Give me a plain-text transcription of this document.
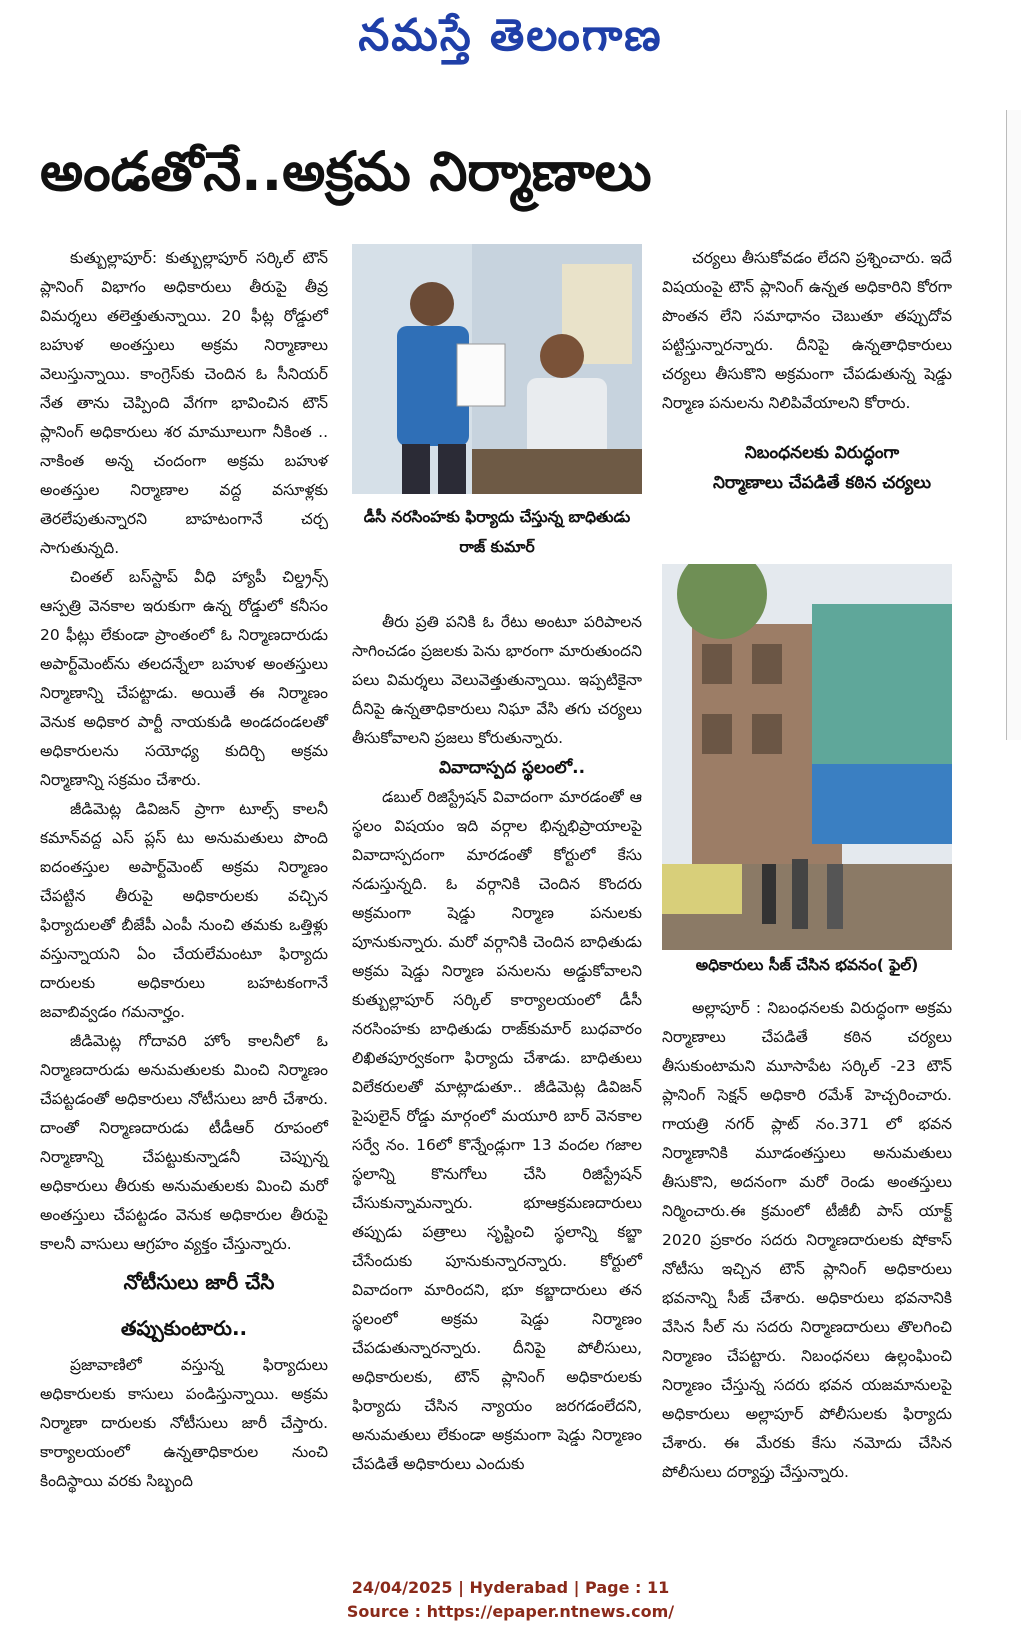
నమస్తే తెలంగాణ
అండతోనే..అక్రమ నిర్మాణాలు

కుత్బుల్లాపూర్‌: కుత్బుల్లాపూర్‌ సర్కిల్‌ టౌన్‌ ప్లానింగ్‌ విభాగం అధికారులు తీరుపై తీవ్ర విమర్శలు తలెత్తుతున్నాయి. 20 ఫీట్ల రోడ్డులో బహుళ అంతస్తులు అక్రమ నిర్మాణాలు వెలుస్తున్నాయి. కాంగ్రెస్‌కు చెందిన ఓ సీనియర్‌ నేత తాను చెప్పింది వేగగా భావించిన టౌన్‌ ప్లానింగ్‌ అధికారులు శర మామూలుగా నీకింత .. నాకింత అన్న చందంగా అక్రమ బహుళ అంతస్తుల నిర్మాణాల వద్ద వసూళ్లకు తెరలేపుతున్నారని బాహటంగానే చర్చ సాగుతున్నది.

చింతల్‌ బస్‌స్టాప్‌ వీధి హ్యాపీ చిల్డ్రన్స్‌ ఆస్పత్రి వెనకాల ఇరుకుగా ఉన్న రోడ్డులో కనీసం 20 ఫీట్లు లేకుండా ప్రాంతంలో ఓ నిర్మాణదారుడు అపార్ట్‌మెంట్‌ను తలదన్నేలా బహుళ అంతస్తులు నిర్మాణాన్ని చేపట్టాడు. అయితే ఈ నిర్మాణం వెనుక అధికార పార్టీ నాయకుడి అండదండలతో అధికారులను సయోధ్య కుదిర్చి అక్రమ నిర్మాణాన్ని సక్రమం చేశారు.

జీడిమెట్ల డివిజన్‌ ప్రాగా టూల్స్‌ కాలనీ కమాన్‌వద్ద ఎస్‌ ప్లస్‌ టు అనుమతులు పొంది ఐదంతస్తుల అపార్ట్‌మెంట్‌ అక్రమ నిర్మాణం చేపట్టిన తీరుపై అధికారులకు వచ్చిన ఫిర్యాదులతో బీజేపీ ఎంపీ నుంచి తమకు ఒత్తిళ్లు వస్తున్నాయని ఏం చేయలేమంటూ ఫిర్యాదు దారులకు అధికారులు బహటకంగానే జవాబివ్వడం గమనార్హం.

జీడిమెట్ల గోదావరి హోం కాలనీలో ఓ నిర్మాణదారుడు అనుమతులకు మించి నిర్మాణం చేపట్టడంతో అధికారులు నోటీసులు జారీ చేశారు. దాంతో నిర్మాణదారుడు టీడీఆర్‌ రూపంలో నిర్మాణాన్ని చేపట్టుకున్నాడనీ చెప్పున్న అధికారులు తీరుకు అనుమతులకు మించి మరో అంతస్తులు చేపట్టడం వెనుక అధికారుల తీరుపై కాలనీ వాసులు ఆగ్రహం వ్యక్తం చేస్తున్నారు.

నోటీసులు జారీ చేసి తప్పుకుంటారు..

ప్రజావాణిలో వస్తున్న ఫిర్యాదులు అధికారులకు కాసులు పండిస్తున్నాయి. అక్రమ నిర్మాణా దారులకు నోటీసులు జారీ చేస్తారు. కార్యాలయంలో ఉన్నతాధికారుల నుంచి కిందిస్థాయి వరకు సిబ్బంది

డీసీ నరసింహకు ఫిర్యాదు చేస్తున్న బాధితుడు రాజ్‌ కుమార్‌

తీరు ప్రతి పనికి ఓ రేటు అంటూ పరిపాలన సాగించడం ప్రజలకు పెను భారంగా మారుతుందని పలు విమర్శలు వెలువెత్తుతున్నాయి. ఇప్పటికైనా దీనిపై ఉన్నతాధికారులు నిఘా వేసి తగు చర్యలు తీసుకోవాలని ప్రజలు కోరుతున్నారు.

వివాదాస్పద స్థలంలో..

డబుల్‌ రిజిస్ట్రేషన్‌ వివాదంగా మారడంతో ఆ స్థలం విషయం ఇది వర్గాల భిన్నభిప్రాయాలపై వివాదాస్పదంగా మారడంతో కోర్టులో కేసు నడుస్తున్నది. ఓ వర్గానికి చెందిన కొందరు అక్రమంగా షెడ్డు నిర్మాణ పనులకు పూనుకున్నారు. మరో వర్గానికి చెందిన బాధితుడు అక్రమ షెడ్డు నిర్మాణ పనులను అడ్డుకోవాలని కుత్బుల్లాపూర్‌ సర్కిల్‌ కార్యాలయంలో డీసీ నరసింహకు బాధితుడు రాజ్‌కుమార్‌ బుధవారం లిఖితపూర్వకంగా ఫిర్యాదు చేశాడు. బాధితులు విలేకరులతో మాట్లాడుతూ.. జీడిమెట్ల డివిజన్‌ పైపులైన్‌ రోడ్డు మార్గంలో మయూరి బార్‌ వెనకాల సర్వే నం. 16లో కొన్నేండ్లుగా 13 వందల గజాల స్థలాన్ని కొనుగోలు చేసి రిజిస్ట్రేషన్‌ చేసుకున్నామన్నారు. భూఆక్రమణదారులు తప్పుడు పత్రాలు సృష్టించి స్థలాన్ని కబ్జా చేసేందుకు పూనుకున్నారన్నారు. కోర్టులో వివాదంగా మారిందని, భూ కబ్జాదారులు తన స్థలంలో అక్రమ షెడ్డు నిర్మాణం చేపడుతున్నారన్నారు. దీనిపై పోలీసులు, అధికారులకు, టౌన్‌ ప్లానింగ్‌ అధికారులకు ఫిర్యాదు చేసిన న్యాయం జరగడంలేదని, అనుమతులు లేకుండా అక్రమంగా షెడ్డు నిర్మాణం చేపడితే అధికారులు ఎందుకు

చర్యలు తీసుకోవడం లేదని ప్రశ్నించారు. ఇదే విషయంపై టౌన్‌ ప్లానింగ్‌ ఉన్నత అధికారిని కోరగా పొంతన లేని సమాధానం చెబుతూ తప్పుదోవ పట్టిస్తున్నారన్నారు. దీనిపై ఉన్నతాధికారులు చర్యలు తీసుకొని అక్రమంగా చేపడుతున్న షెడ్డు నిర్మాణ పనులను నిలిపివేయాలని కోరారు.

నిబంధనలకు విరుద్ధంగా

నిర్మాణాలు చేపడితే కఠిన చర్యలు

అధికారులు సీజ్‌ చేసిన భవనం( ఫైల్‌)

అల్లాపూర్‌ : నిబంధనలకు విరుద్ధంగా అక్రమ నిర్మాణాలు చేపడితే కఠిన చర్యలు తీసుకుంటామని మూసాపేట సర్కిల్‌ -23 టౌన్‌ ప్లానింగ్‌ సెక్షన్‌ అధికారి రమేశ్‌ హెచ్చరించారు. గాయత్రి నగర్‌ ప్లాట్‌ నం.371 లో భవన నిర్మాణానికి మూడంతస్తులు అనుమతులు తీసుకొని, అదనంగా మరో రెండు అంతస్తులు నిర్మించారు.ఈ క్రమంలో టీజీబీ పాస్‌ యాక్ట్‌ 2020 ప్రకారం సదరు నిర్మాణదారులకు షోకాస్‌ నోటీసు ఇచ్చిన టౌన్‌ ప్లానింగ్‌ అధికారులు భవనాన్ని సీజ్‌ చేశారు. అధికారులు భవనానికి వేసిన సీల్‌ ను సదరు నిర్మాణదారులు తొలగించి నిర్మాణం చేపట్టారు. నిబంధనలు ఉల్లంఘించి నిర్మాణం చేస్తున్న సదరు భవన యజమానులపై అధికారులు అల్లాపూర్‌ పోలీసులకు ఫిర్యాదు చేశారు. ఈ మేరకు కేసు నమోదు చేసిన పోలీసులు దర్యాప్తు చేస్తున్నారు.

24/04/2025 | Hyderabad | Page : 11
Source : https://epaper.ntnews.com/
